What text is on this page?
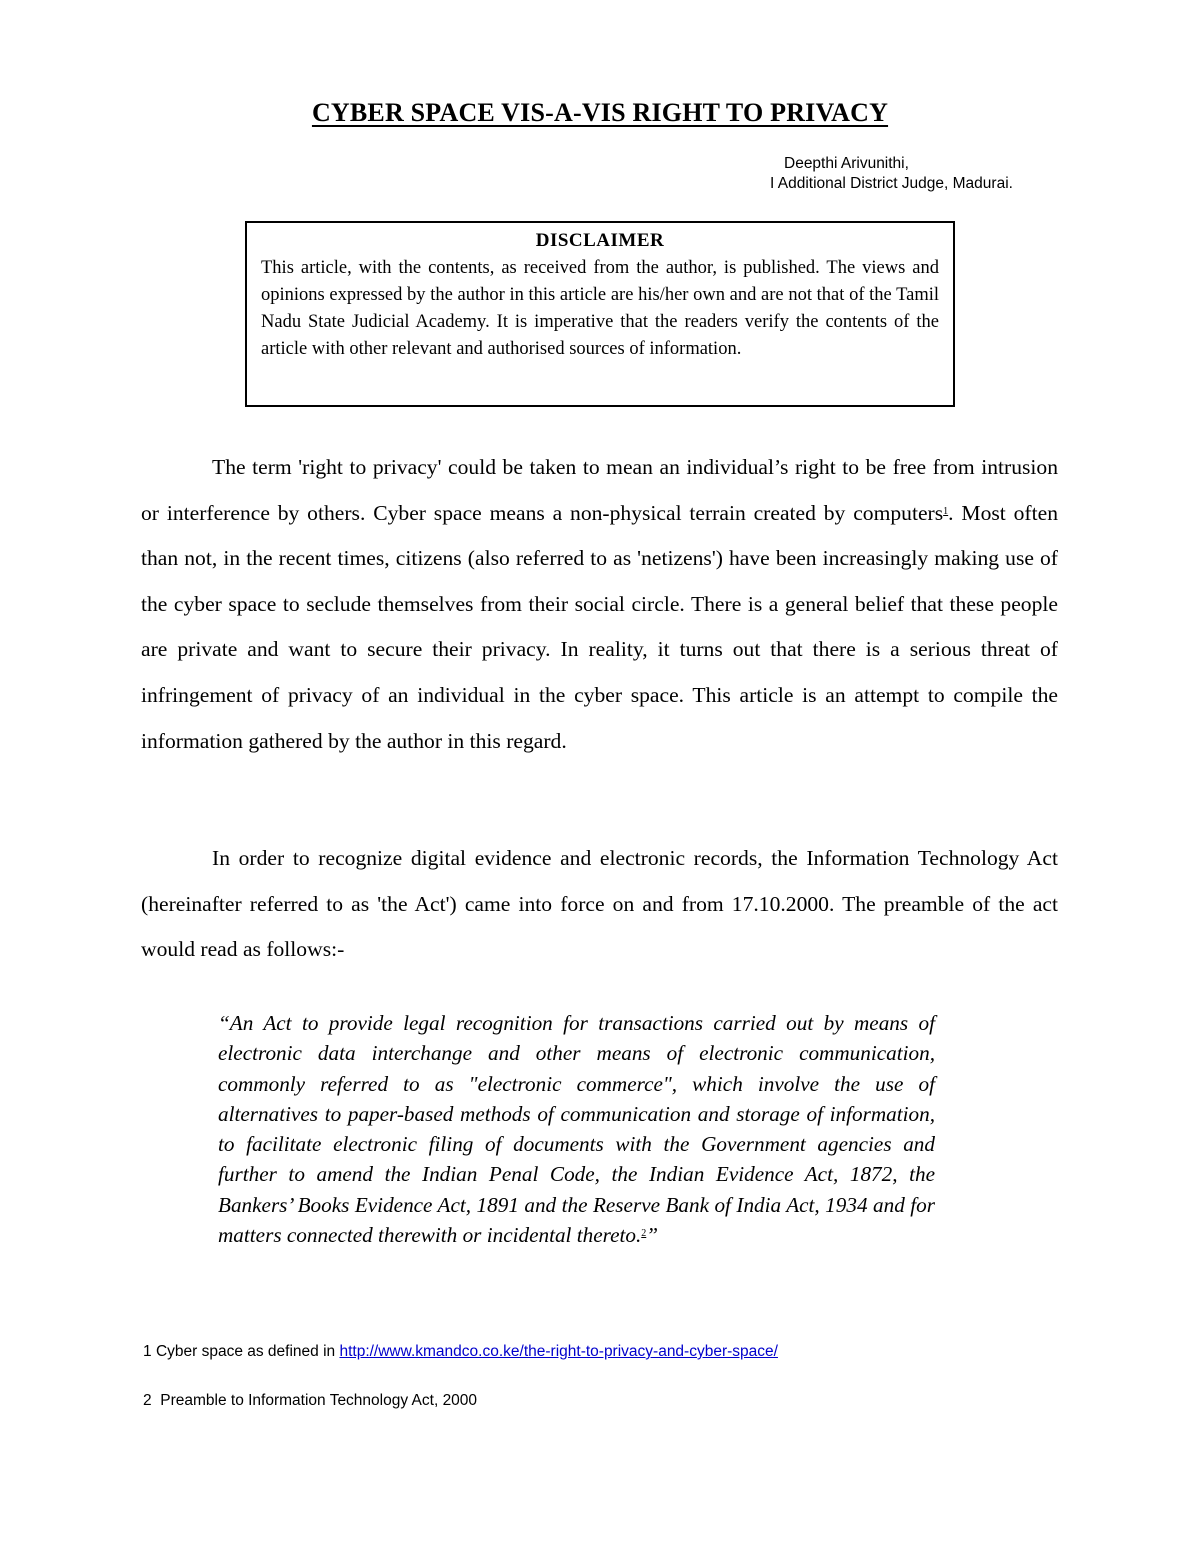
CYBER SPACE VIS-A-VIS RIGHT TO PRIVACY
Deepthi Arivunithi,
I Additional District Judge, Madurai.
DISCLAIMER
This article, with the contents, as received from the author, is published. The views and opinions expressed by the author in this article are his/her own and are not that of the Tamil Nadu State Judicial Academy. It is imperative that the readers verify the contents of the article with other relevant and authorised sources of information.

The term 'right to privacy' could be taken to mean an individual’s right to be free from intrusion or interference by others. Cyber space means a non-physical terrain created by computers$^1$. Most often than not, in the recent times, citizens (also referred to as 'netizens') have been increasingly making use of the cyber space to seclude themselves from their social circle. There is a general belief that these people are private and want to secure their privacy. In reality, it turns out that there is a serious threat of infringement of privacy of an individual in the cyber space. This article is an attempt to compile the information gathered by the author in this regard.

In order to recognize digital evidence and electronic records, the Information Technology Act (hereinafter referred to as 'the Act') came into force on and from 17.10.2000. The preamble of the act would read as follows:-

“An Act to provide legal recognition for transactions carried out by means of electronic data interchange and other means of electronic communication, commonly referred to as "electronic commerce", which involve the use of alternatives to paper-based methods of communication and storage of information, to facilitate electronic filing of documents with the Government agencies and further to amend the Indian Penal Code, the Indian Evidence Act, 1872, the Bankers’ Books Evidence Act, 1891 and the Reserve Bank of India Act, 1934 and for matters connected therewith or incidental thereto.$^2$”

1 Cyber space as defined in http://www.kmandco.co.ke/the-right-to-privacy-and-cyber-space/
2 Preamble to Information Technology Act, 2000
